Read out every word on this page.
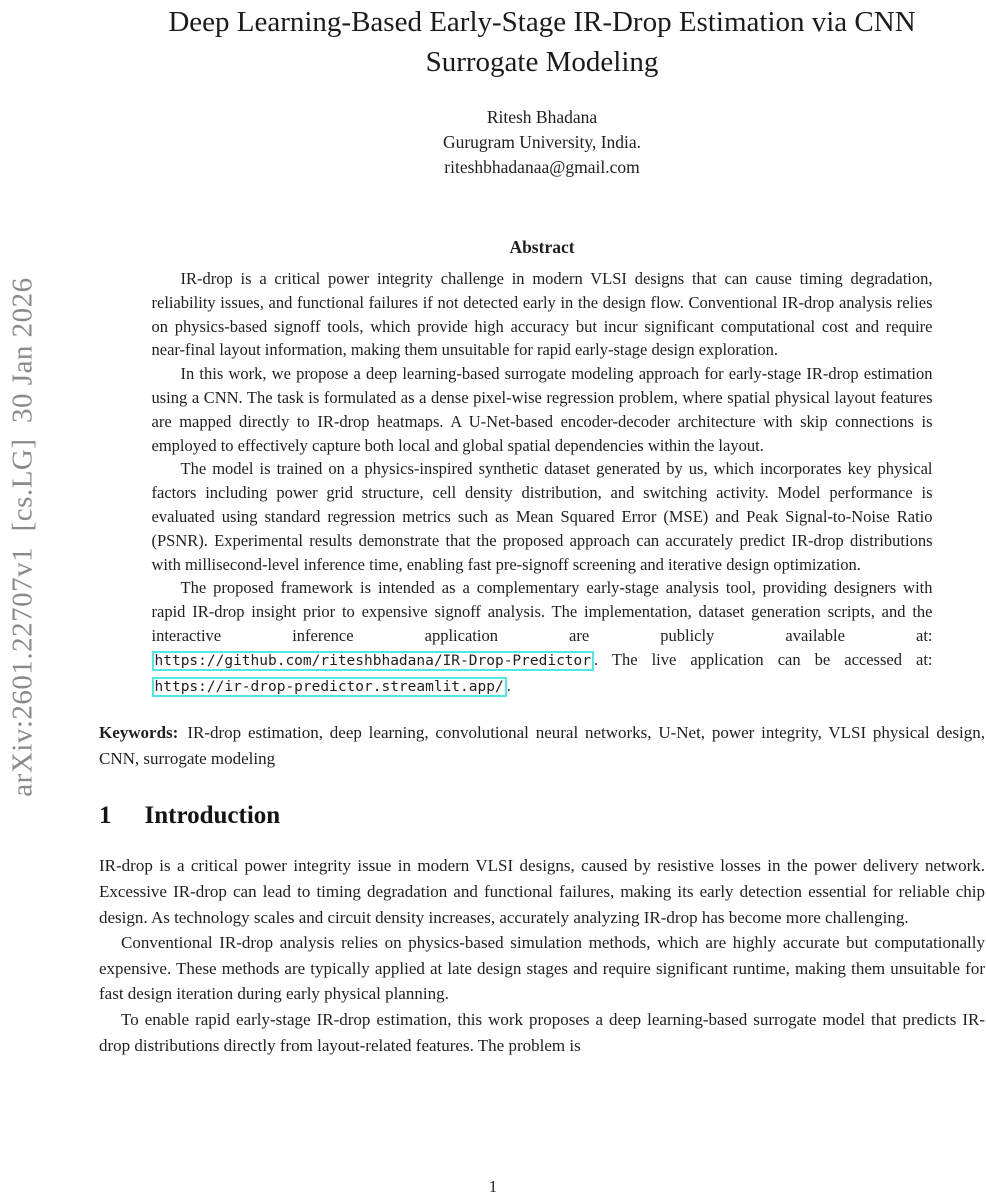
arXiv:2601.22707v1  [cs.LG]  30 Jan 2026
Deep Learning-Based Early-Stage IR-Drop Estimation via CNN
Surrogate Modeling
Ritesh Bhadana
Gurugram University, India.
riteshbhadanaa@gmail.com
Abstract

IR-drop is a critical power integrity challenge in modern VLSI designs that can cause timing degradation, reliability issues, and functional failures if not detected early in the design flow. Conventional IR-drop analysis relies on physics-based signoff tools, which provide high accuracy but incur significant computational cost and require near-final layout information, making them unsuitable for rapid early-stage design exploration.

In this work, we propose a deep learning-based surrogate modeling approach for early-stage IR-drop estimation using a CNN. The task is formulated as a dense pixel-wise regression problem, where spatial physical layout features are mapped directly to IR-drop heatmaps. A U-Net-based encoder-decoder architecture with skip connections is employed to effectively capture both local and global spatial dependencies within the layout.

The model is trained on a physics-inspired synthetic dataset generated by us, which incorporates key physical factors including power grid structure, cell density distribution, and switching activity. Model performance is evaluated using standard regression metrics such as Mean Squared Error (MSE) and Peak Signal-to-Noise Ratio (PSNR). Experimental results demonstrate that the proposed approach can accurately predict IR-drop distributions with millisecond-level inference time, enabling fast pre-signoff screening and iterative design optimization.

The proposed framework is intended as a complementary early-stage analysis tool, providing designers with rapid IR-drop insight prior to expensive signoff analysis. The implementation, dataset generation scripts, and the interactive inference application are publicly available at: https://github.com/riteshbhadana/IR-Drop-Predictor . The live application can be accessed at: https://ir-drop-predictor.streamlit.app/ .

Keywords: IR-drop estimation, deep learning, convolutional neural networks, U-Net, power integrity, VLSI physical design, CNN, surrogate modeling

1 Introduction

IR-drop is a critical power integrity issue in modern VLSI designs, caused by resistive losses in the power delivery network. Excessive IR-drop can lead to timing degradation and functional failures, making its early detection essential for reliable chip design. As technology scales and circuit density increases, accurately analyzing IR-drop has become more challenging.

Conventional IR-drop analysis relies on physics-based simulation methods, which are highly accurate but computationally expensive. These methods are typically applied at late design stages and require significant runtime, making them unsuitable for fast design iteration during early physical planning.

To enable rapid early-stage IR-drop estimation, this work proposes a deep learning-based surrogate model that predicts IR-drop distributions directly from layout-related features. The problem is

1
